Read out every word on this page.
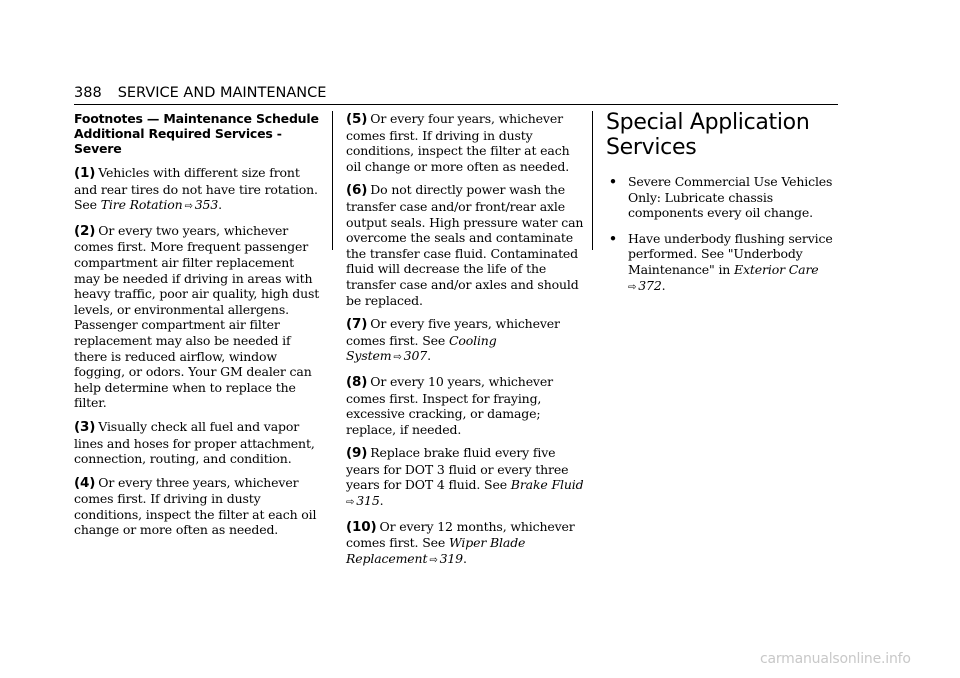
388 SERVICE AND MAINTENANCE
Footnotes — Maintenance Schedule Additional Required Services - Severe

(1) Vehicles with different size front and rear tires do not have tire rotation. See Tire Rotation ⇨ 353.

(2) Or every two years, whichever comes first. More frequent passenger compartment air filter replacement may be needed if driving in areas with heavy traffic, poor air quality, high dust levels, or environmental allergens. Passenger compartment air filter replacement may also be needed if there is reduced airflow, window fogging, or odors. Your GM dealer can help determine when to replace the filter.

(3) Visually check all fuel and vapor lines and hoses for proper attachment, connection, routing, and condition.

(4) Or every three years, whichever comes first. If driving in dusty conditions, inspect the filter at each oil change or more often as needed.

(5) Or every four years, whichever comes first. If driving in dusty conditions, inspect the filter at each oil change or more often as needed.

(6) Do not directly power wash the transfer case and/or front/rear axle output seals. High pressure water can overcome the seals and contaminate the transfer case fluid. Contaminated fluid will decrease the life of the transfer case and/or axles and should be replaced.

(7) Or every five years, whichever comes first. See Cooling System ⇨ 307.

(8) Or every 10 years, whichever comes first. Inspect for fraying, excessive cracking, or damage; replace, if needed.

(9) Replace brake fluid every five years for DOT 3 fluid or every three years for DOT 4 fluid. See Brake Fluid
⇨ 315.

(10) Or every 12 months, whichever comes first. See Wiper Blade Replacement ⇨ 319.

Special Application Services
• Severe Commercial Use Vehicles Only: Lubricate chassis components every oil change.
• Have underbody flushing service performed. See "Underbody Maintenance" in Exterior Care
⇨ 372.
carmanualsonline.info
